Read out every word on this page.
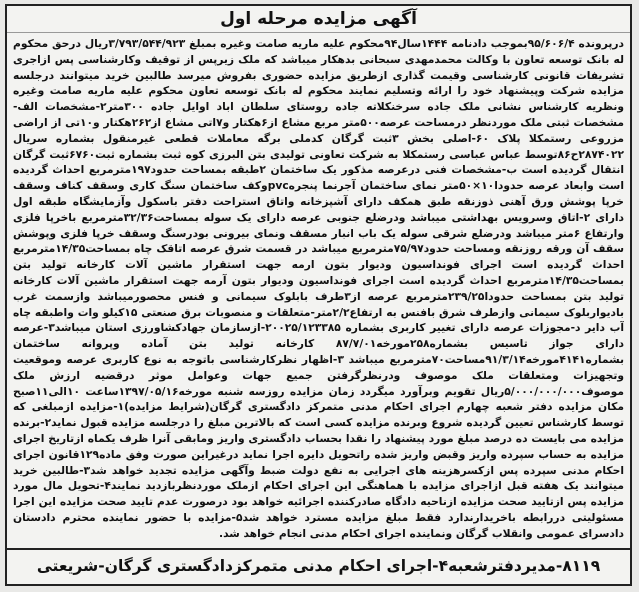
آگهی مزایده مرحله اول
درپرونده ۹۵/۶۰۶/۴بموجب دادنامه ۱۴۴۴سال۹۴محکوم علیه ماریه صامت وغیره بمبلغ ۳/۷۹۳/۵۴۴/۹۲۳ریال درحق محکوم له بانک توسعه تعاون با وکالت محمدمهدی سبحانی بدهکار میباشد که ملک زیرپس از توقیف وکارشناسی پس ازاجری تشریفات قانونی کارشناسی وقیمت گذاری ازطریق مزایده حضوری بفروش میرسد طالبین خرید میتوانند درجلسه مزایده شرکت وپیشنهاد خود را ارائه وتسلیم نمایند محکوم له بانک توسعه تعاون محکوم علیه ماریه صامت وغیره ونظریه کارشناس نشانی ملک جاده سرخنکلاته جاده روستای سلطان اباد اوایل جاده ۳۰۰متر۲-مشخصات الف-مشخصات ثبتی ملک موردنظر درمساحت عرصه۵۰۰متر مربع مشاع از۶هکتار و۷اتی مشاع از۲۶۲هکتار و۱۰تی از اراضی مزروعی رستمکلا پلاک ۶۰-اصلی بخش ۳ثبت گرگان کدملی برگه معاملات قطعی غیرمنقول بشماره سریال ۲۸۷۴۰۲۲ح۸۶توسط عباس عباسی رستمکلا به شرکت تعاونی تولیدی بتن البرزی کوه ثبت بشماره ثبت۶۷۶۰ثبت گرگان انتقال گردیده است ب-مشخصات فنی درعرصه مذکور یک ساختمان ۲طبقه بمساحت حدود۱۹۷مترمربع احداث گردیده است وابعاد عرصه حدودا۱۰×۵۰متر نمای ساختمان آجرنما پنجرهpvcوکف ساختمان سنگ کاری وسقف کناف وسقف خرپا پوشش ورق آهنی ذوزنقه طبق همکف دارای آشپزخانه واتاق استراحت دفتر باسکول وآزمایشگاه طبقه اول دارای ۲-اتاق وسرویس بهداشتی میباشد ودرضلع جنوبی عرصه دارای یک سوله بمساحت۳۲/۳۶مترمربع باخرپا فلزی وارتفاع ۶متر میباشد ودرضلع شرقی سوله یک باب انبار مسقف ونمای بیرونی بودرسنگ وسقف خرپا فلزی وپوشش سقف آن ورقه روزنقه ومساحت حدود۷۵/۹۷مترمربع میباشد در قسمت شرق عرصه اتاقک چاه بمساحت۱۴/۳۵مترمربع احداث گردیده است اجرای فونداسیون ودیوار بتون ارمه جهت استقرار ماشین آلات کارخانه تولید بتن بمساحت۱۴/۳۵مترمربع احداث گردیده است اجرای فونداسیون ودیوار بتون آرمه جهت استقرار ماشین آلات کارخانه تولید بتن بمساحت حدودا۲۳۹/۲۵مترمربع عرصه از۳طرف بابلوک سیمانی و فنس محصورمیباشد وازسمت غرب بادیواربلوک سیمانی وازطرف شرق بافنس به ارتفاع۲/۲متر-متعلقات و منصوبات برق صنعتی ۱۵کیلو وات واطبقه چاه آب دایر د-مجوزات عرصه دارای تغییر کاربری بشماره ۲۰۰۲۵/۱۲۳۳۸۵-ازسازمان جهادکشاورزی استان میباشد۳-عرصه دارای جواز تاسیس بشماره۲۵۸مورخه۸۷/۷/۰۱ کارخانه تولید بتن آماده وپروانه ساختمان بشماره۴۱۴۱مورخه۹۱/۳/۱۴مساحت۷۰مترمربع میباشد ۳-اظهار نظرکارشناسی باتوجه به نوع کاربری عرصه وموقعیت وتجهیزات ومتعلقات ملک موصوف ودرنظرگرفتن جمیع جهات وعوامل موثر درقضیه ارزش ملک موصوف۵/۰۰۰/۰۰۰/۰۰۰ریال تقویم وبرآورد میگردد زمان مزایده روزسه شنبه مورخه۱۳۹۷/۰۵/۱۶ساعت ۱۰الی۱۱صبح مکان مزایده دفتر شعبه چهارم اجرای احکام مدنی متمرکز دادگستری گرگان(شرایط مزایده)۱-مزایده ازمبلغی که توسط کارشناس تعیین گردیده شروع وبرنده مزایده کسی است که بالاترین مبلغ را درجلسه مزایده قبول نماید۲-برنده مزایده می بایست ده درصد مبلغ مورد پیشنهاد را نقدا بحساب دادگستری واریز ومابقی آنرا ظرف یکماه ازتاریخ اجرای مزایده به حساب سپرده واریز وقبض واریز شده راتحویل دایره اجرا نماید درغیراین صورت وفق ماده۱۲۹قانون اجرای احکام مدنی سپرده پس ازکسرهزینه های اجرایی به نفع دولت ضبط وآگهی مزایده تجدید خواهد شد۳-طالبین خرید میتوانند یک هفته قبل ازاجرای مزایده با هماهنگی این اجرای احکام ازملک موردنظربازدید نمایند۴-تحویل مال مورد مزایده پس ازتایید صحت مزایده ازناحیه دادگاه صادرکننده اجرائیه خواهد بود درصورت عدم تایید صحت مزایده این اجرا مسئولیتی دررابطه باخریدارندارد فقط مبلغ مزایده مسترد خواهد شد۵-مزایده با حضور نماینده محترم دادستان دادسرای عمومی وانقلاب گرگان ونماینده اجرای احکام مدنی انجام خواهد شد.
۸۱۱۹-مدیردفترشعبه۴-اجرای احکام مدنی متمرکزدادگستری گرگان-شریعتی
